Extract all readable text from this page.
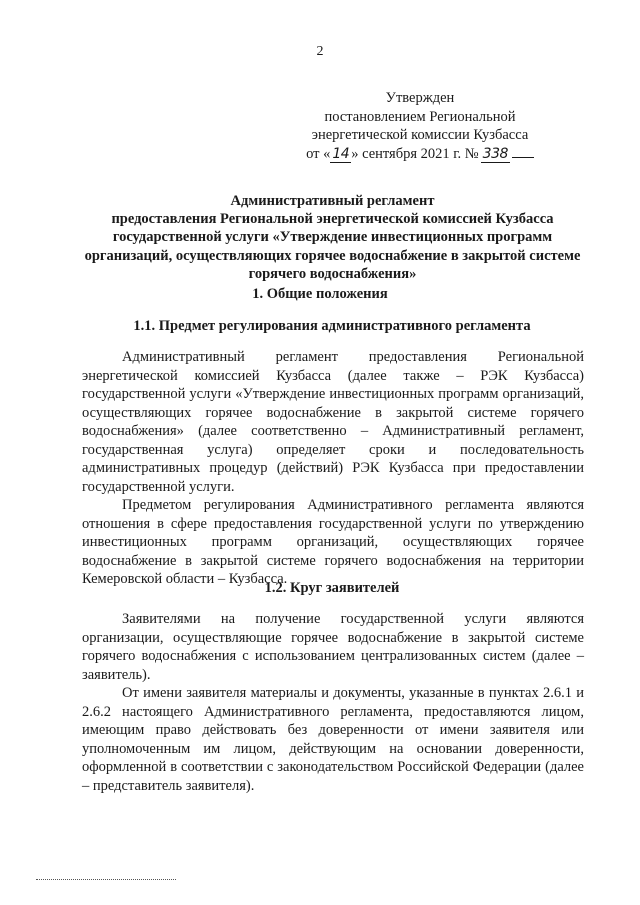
2
Утвержден
постановлением Региональной
энергетической комиссии Кузбасса
от « 14 » сентября 2021 г. № 338
Административный регламент
предоставления Региональной энергетической комиссией Кузбасса
государственной услуги «Утверждение инвестиционных программ
организаций, осуществляющих горячее водоснабжение в закрытой системе
горячего водоснабжения»
1. Общие положения
1.1. Предмет регулирования административного регламента

Административный регламент предоставления Региональной энергетической комиссией Кузбасса (далее также – РЭК Кузбасса) государственной услуги «Утверждение инвестиционных программ организаций, осуществляющих горячее водоснабжение в закрытой системе горячего водоснабжения» (далее соответственно – Административный регламент, государственная услуга) определяет сроки и последовательность административных процедур (действий) РЭК Кузбасса при предоставлении государственной услуги.

Предметом регулирования Административного регламента являются отношения в сфере предоставления государственной услуги по утверждению инвестиционных программ организаций, осуществляющих горячее водоснабжение в закрытой системе горячего водоснабжения на территории Кемеровской области – Кузбасса.

1.2. Круг заявителей

Заявителями на получение государственной услуги являются организации, осуществляющие горячее водоснабжение в закрытой системе горячего водоснабжения с использованием централизованных систем (далее – заявитель).

От имени заявителя материалы и документы, указанные в пунктах 2.6.1 и 2.6.2 настоящего Административного регламента, предоставляются лицом, имеющим право действовать без доверенности от имени заявителя или уполномоченным им лицом, действующим на основании доверенности, оформленной в соответствии с законодательством Российской Федерации (далее – представитель заявителя).
